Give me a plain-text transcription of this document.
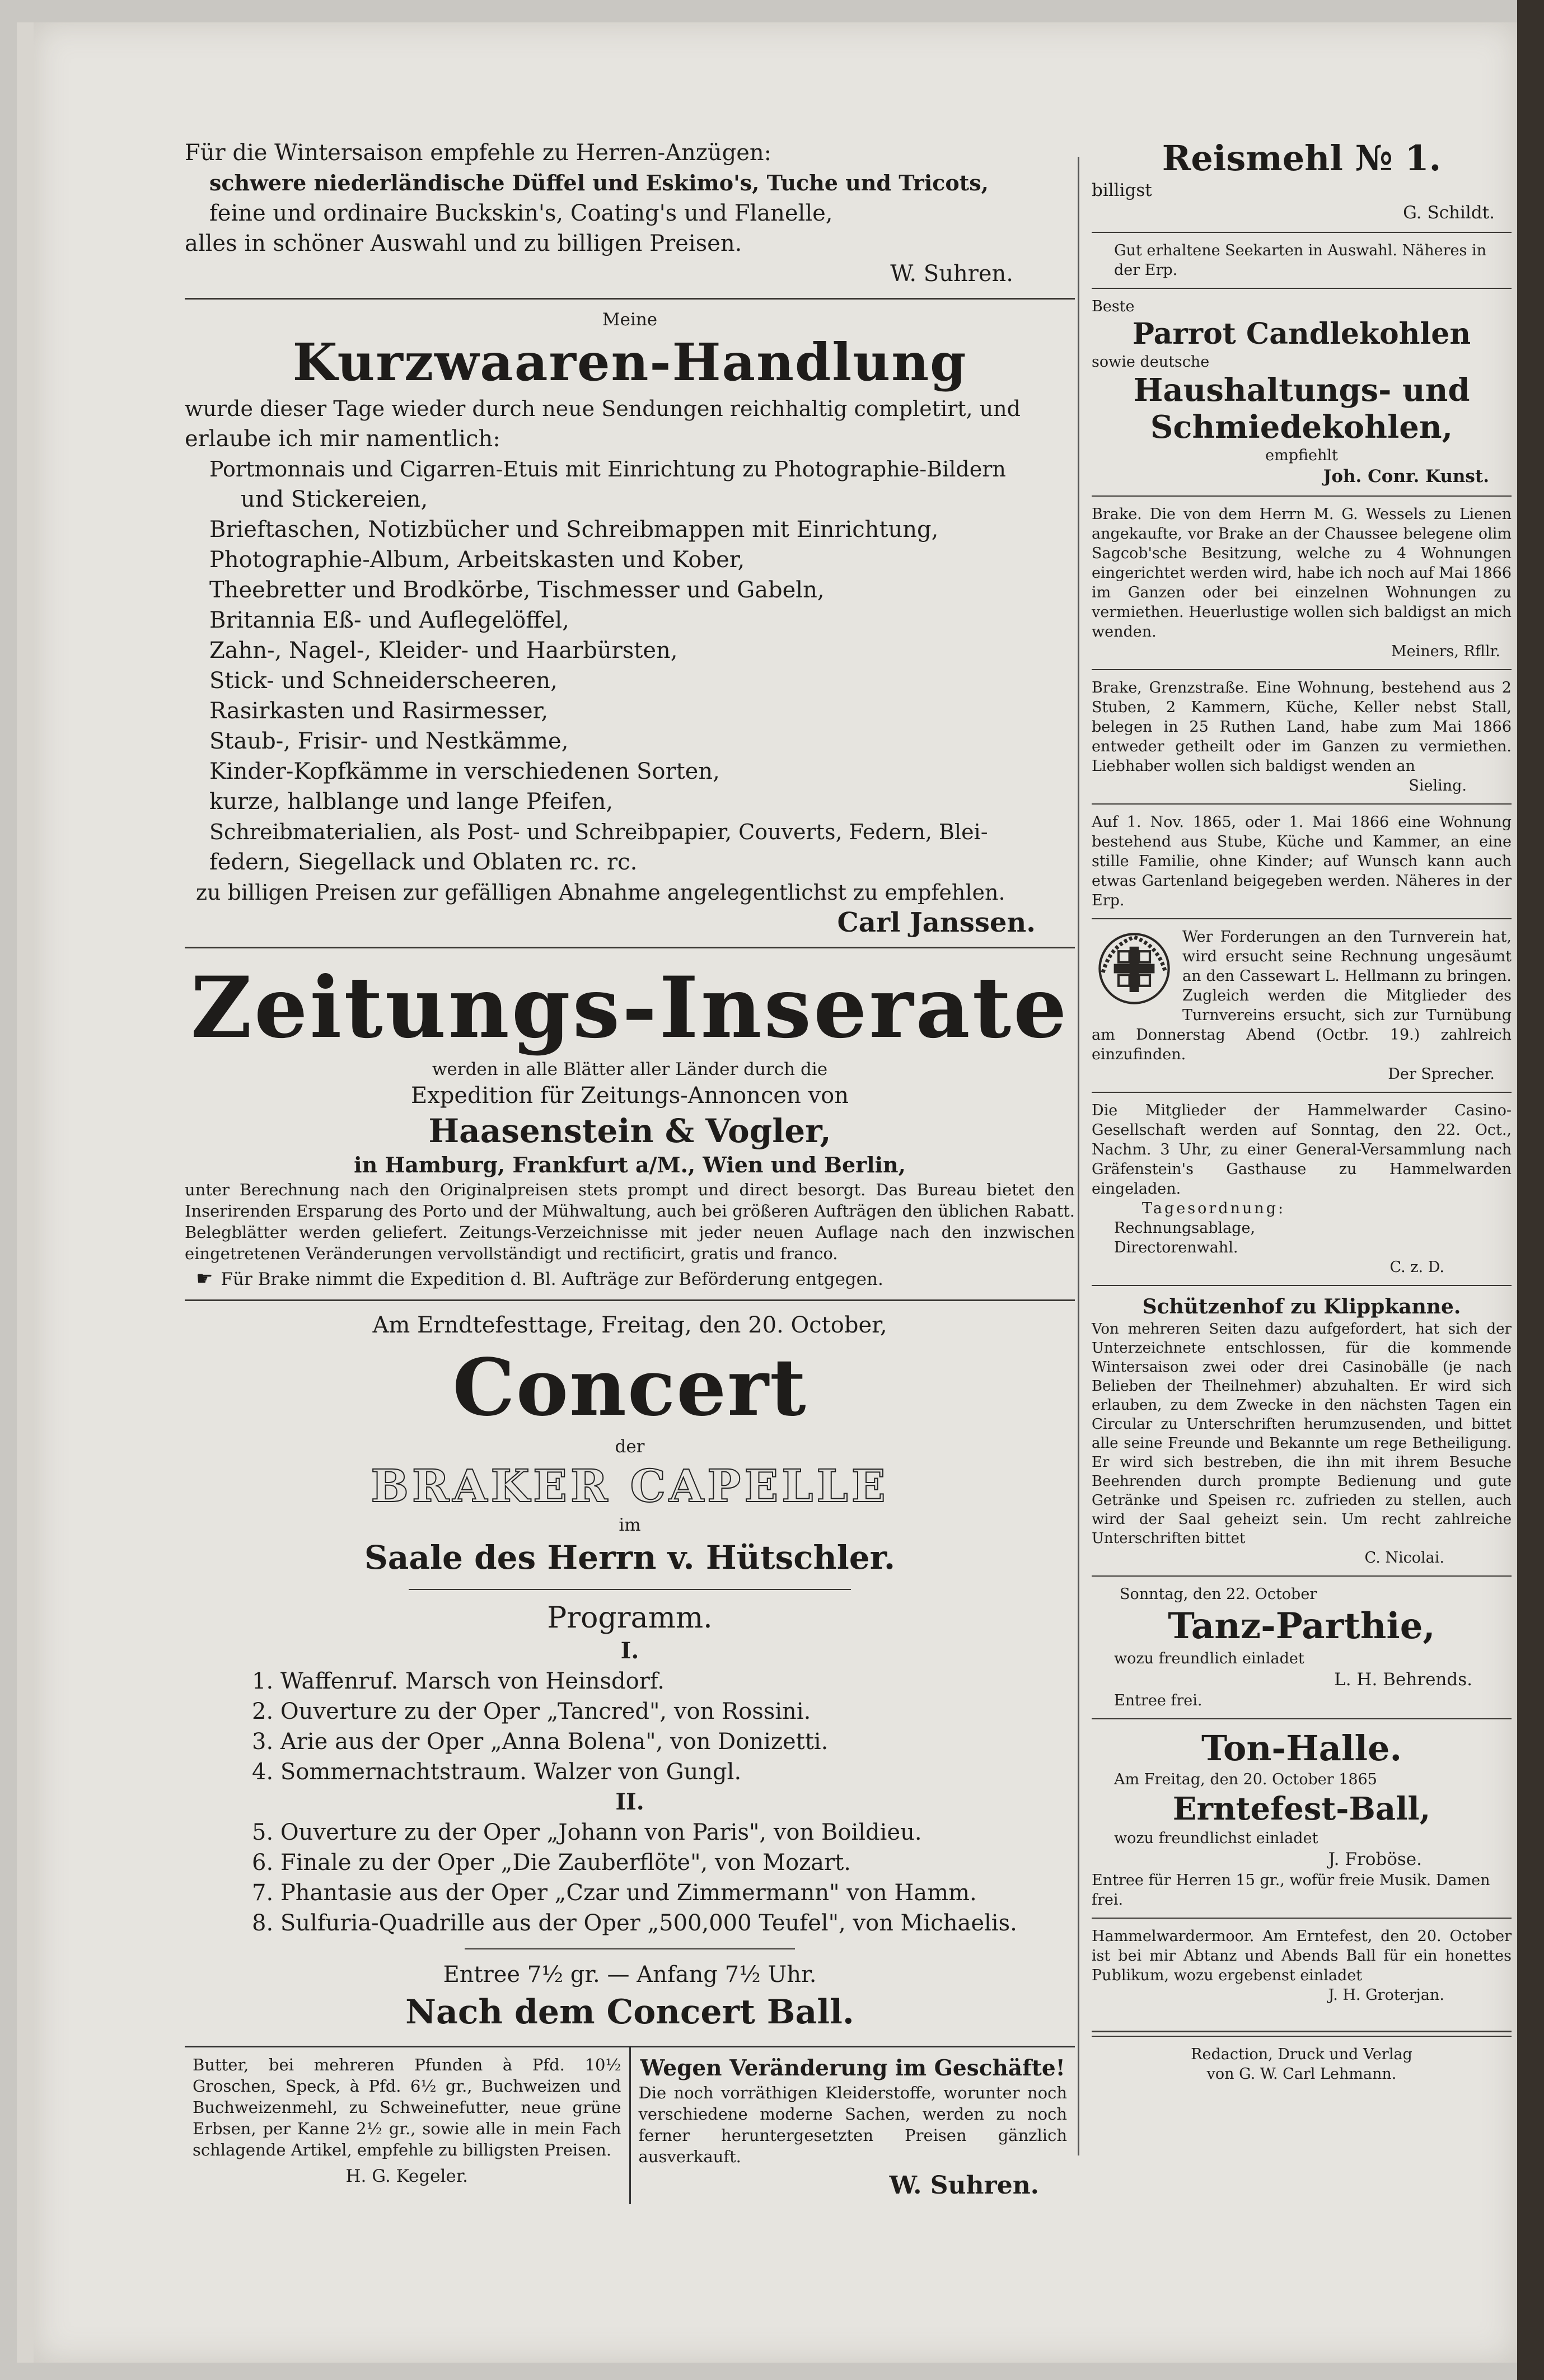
Für die Wintersaison empfehle zu Herren-Anzügen:

schwere niederländische Düffel und Eskimo's, Tuche und Tricots,

feine und ordinaire Buckskin's, Coating's und Flanelle,

alles in schöner Auswahl und zu billigen Preisen.

W. Suhren.

Meine

Kurzwaaren-Handlung

wurde dieser Tage wieder durch neue Sendungen reichhaltig completirt, und

erlaube ich mir namentlich:

Portmonnais und Cigarren-Etuis mit Einrichtung zu Photographie-Bildern

und Stickereien,

Brieftaschen, Notizbücher und Schreibmappen mit Einrichtung,

Photographie-Album, Arbeitskasten und Kober,

Theebretter und Brodkörbe, Tischmesser und Gabeln,

Britannia Eß- und Auflegelöffel,

Zahn-, Nagel-, Kleider- und Haarbürsten,

Stick- und Schneiderscheeren,

Rasirkasten und Rasirmesser,

Staub-, Frisir- und Nestkämme,

Kinder-Kopfkämme in verschiedenen Sorten,

kurze, halblange und lange Pfeifen,

Schreibmaterialien, als Post- und Schreibpapier, Couverts, Federn, Blei-

federn, Siegellack und Oblaten rc. rc.

zu billigen Preisen zur gefälligen Abnahme angelegentlichst zu empfehlen.

Carl Janssen.

Zeitungs-Inserate

werden in alle Blätter aller Länder durch die

Expedition für Zeitungs-Annoncen von

Haasenstein & Vogler,

in Hamburg, Frankfurt a/M., Wien und Berlin,

unter Berechnung nach den Originalpreisen stets prompt und direct besorgt. Das Bureau bietet den Inserirenden Ersparung des Porto und der Mühwaltung, auch bei größeren Aufträgen den üblichen Rabatt. Belegblätter werden geliefert. Zeitungs-Verzeichnisse mit jeder neuen Auflage nach den inzwischen eingetretenen Veränderungen vervollständigt und rectificirt, gratis und franco.

☛ Für Brake nimmt die Expedition d. Bl. Aufträge zur Beförderung entgegen.

Am Erndtefesttage, Freitag, den 20. October,

Concert

der

BRAKER CAPELLE

im

Saale des Herrn v. Hütschler.

Programm.

I.

1. Waffenruf. Marsch von Heinsdorf.

2. Ouverture zu der Oper „Tancred", von Rossini.

3. Arie aus der Oper „Anna Bolena", von Donizetti.

4. Sommernachtstraum. Walzer von Gungl.

II.

5. Ouverture zu der Oper „Johann von Paris", von Boildieu.

6. Finale zu der Oper „Die Zauberflöte", von Mozart.

7. Phantasie aus der Oper „Czar und Zimmermann" von Hamm.

8. Sulfuria-Quadrille aus der Oper „500,000 Teufel", von Michaelis.

Entree 7½ gr. — Anfang 7½ Uhr.

Nach dem Concert Ball.

Butter, bei mehreren Pfunden à Pfd. 10½ Groschen, Speck, à Pfd. 6½ gr., Buchweizen und Buchweizenmehl, zu Schweinefutter, neue grüne Erbsen, per Kanne 2½ gr., sowie alle in mein Fach schlagende Artikel, empfehle zu billigsten Preisen.

H. G. Kegeler.

Wegen Veränderung im Geschäfte!

Die noch vorräthigen Kleiderstoffe, worunter noch verschiedene moderne Sachen, werden zu noch ferner heruntergesetzten Preisen gänzlich ausverkauft.

W. Suhren.

Reismehl № 1.

billigst

G. Schildt.

Gut erhaltene Seekarten in Auswahl. Näheres in der Erp.

Beste

Parrot Candlekohlen

sowie deutsche

Haushaltungs- und

Schmiedekohlen,

empfiehlt

Joh. Conr. Kunst.

Brake. Die von dem Herrn M. G. Wessels zu Lienen angekaufte, vor Brake an der Chaussee belegene olim Sagcob'sche Besitzung, welche zu 4 Wohnungen eingerichtet werden wird, habe ich noch auf Mai 1866 im Ganzen oder bei einzelnen Wohnungen zu vermiethen. Heuerlustige wollen sich baldigst an mich wenden.

Meiners, Rfllr.

Brake, Grenzstraße. Eine Wohnung, bestehend aus 2 Stuben, 2 Kammern, Küche, Keller nebst Stall, belegen in 25 Ruthen Land, habe zum Mai 1866 entweder getheilt oder im Ganzen zu vermiethen. Liebhaber wollen sich baldigst wenden an

Sieling.

Auf 1. Nov. 1865, oder 1. Mai 1866 eine Wohnung bestehend aus Stube, Küche und Kammer, an eine stille Familie, ohne Kinder; auf Wunsch kann auch etwas Gartenland beigegeben werden. Näheres in der Erp.

Wer Forderungen an den Turnverein hat, wird ersucht seine Rechnung ungesäumt an den Cassewart L. Hellmann zu bringen. Zugleich werden die Mitglieder des Turnvereins ersucht, sich zur Turnübung am Donnerstag Abend (Octbr. 19.) zahlreich einzufinden.

Der Sprecher.

Die Mitglieder der Hammelwarder Casino-Gesellschaft werden auf Sonntag, den 22. Oct., Nachm. 3 Uhr, zu einer General-Versammlung nach Gräfenstein's Gasthause zu Hammelwarden eingeladen.

Tagesordnung:

Rechnungsablage,

Directorenwahl.

C. z. D.

Schützenhof zu Klippkanne.

Von mehreren Seiten dazu aufgefordert, hat sich der Unterzeichnete entschlossen, für die kommende Wintersaison zwei oder drei Casinobälle (je nach Belieben der Theilnehmer) abzuhalten. Er wird sich erlauben, zu dem Zwecke in den nächsten Tagen ein Circular zu Unterschriften herumzusenden, und bittet alle seine Freunde und Bekannte um rege Betheiligung. Er wird sich bestreben, die ihn mit ihrem Besuche Beehrenden durch prompte Bedienung und gute Getränke und Speisen rc. zufrieden zu stellen, auch wird der Saal geheizt sein. Um recht zahlreiche Unterschriften bittet

C. Nicolai.

Sonntag, den 22. October

Tanz-Parthie,

wozu freundlich einladet

L. H. Behrends.

Entree frei.

Ton-Halle.

Am Freitag, den 20. October 1865

Erntefest-Ball,

wozu freundlichst einladet

J. Froböse.

Entree für Herren 15 gr., wofür freie Musik. Damen frei.

Hammelwardermoor. Am Erntefest, den 20. October ist bei mir Abtanz und Abends Ball für ein honettes Publikum, wozu ergebenst einladet

J. H. Groterjan.

Redaction, Druck und Verlag

von G. W. Carl Lehmann.
